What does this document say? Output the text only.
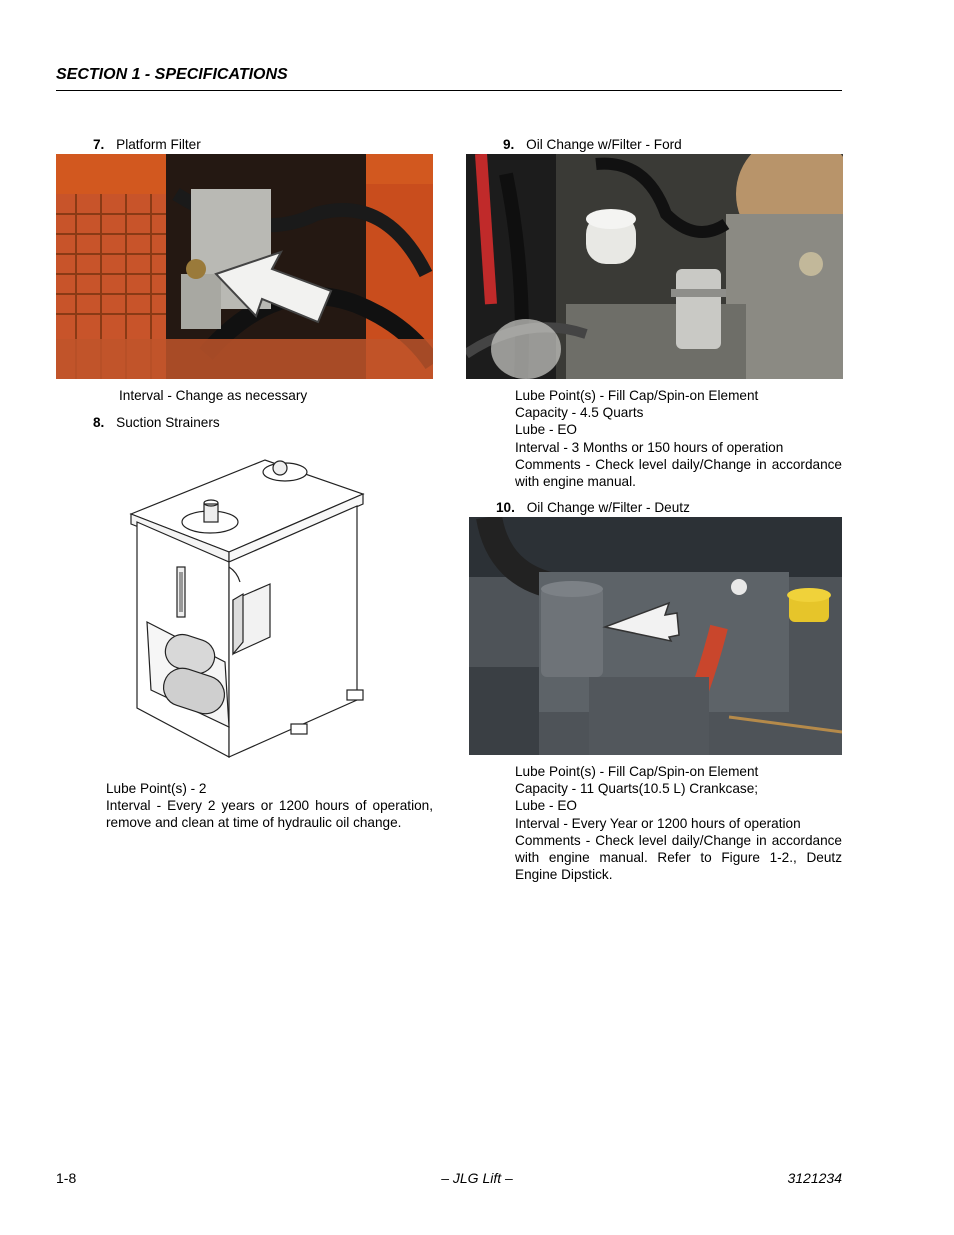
SECTION 1 - SPECIFICATIONS
7. Platform Filter
Interval - Change as necessary
8. Suction Strainers
Lube Point(s) - 2
Interval - Every 2 years or 1200 hours of operation, remove and clean at time of hydraulic oil change.
9. Oil Change w/Filter - Ford
Lube Point(s) - Fill Cap/Spin-on Element
Capacity - 4.5 Quarts
Lube - EO
Interval - 3 Months or 150 hours of operation
Comments - Check level daily/Change in accordance with engine manual.
10. Oil Change w/Filter - Deutz
Lube Point(s) - Fill Cap/Spin-on Element
Capacity - 11 Quarts(10.5 L) Crankcase;
Lube - EO
Interval - Every Year or 1200 hours of operation
Comments - Check level daily/Change in accordance with engine manual. Refer to Figure 1-2., Deutz Engine Dipstick.
– JLG Lift –
1-8	3121234
